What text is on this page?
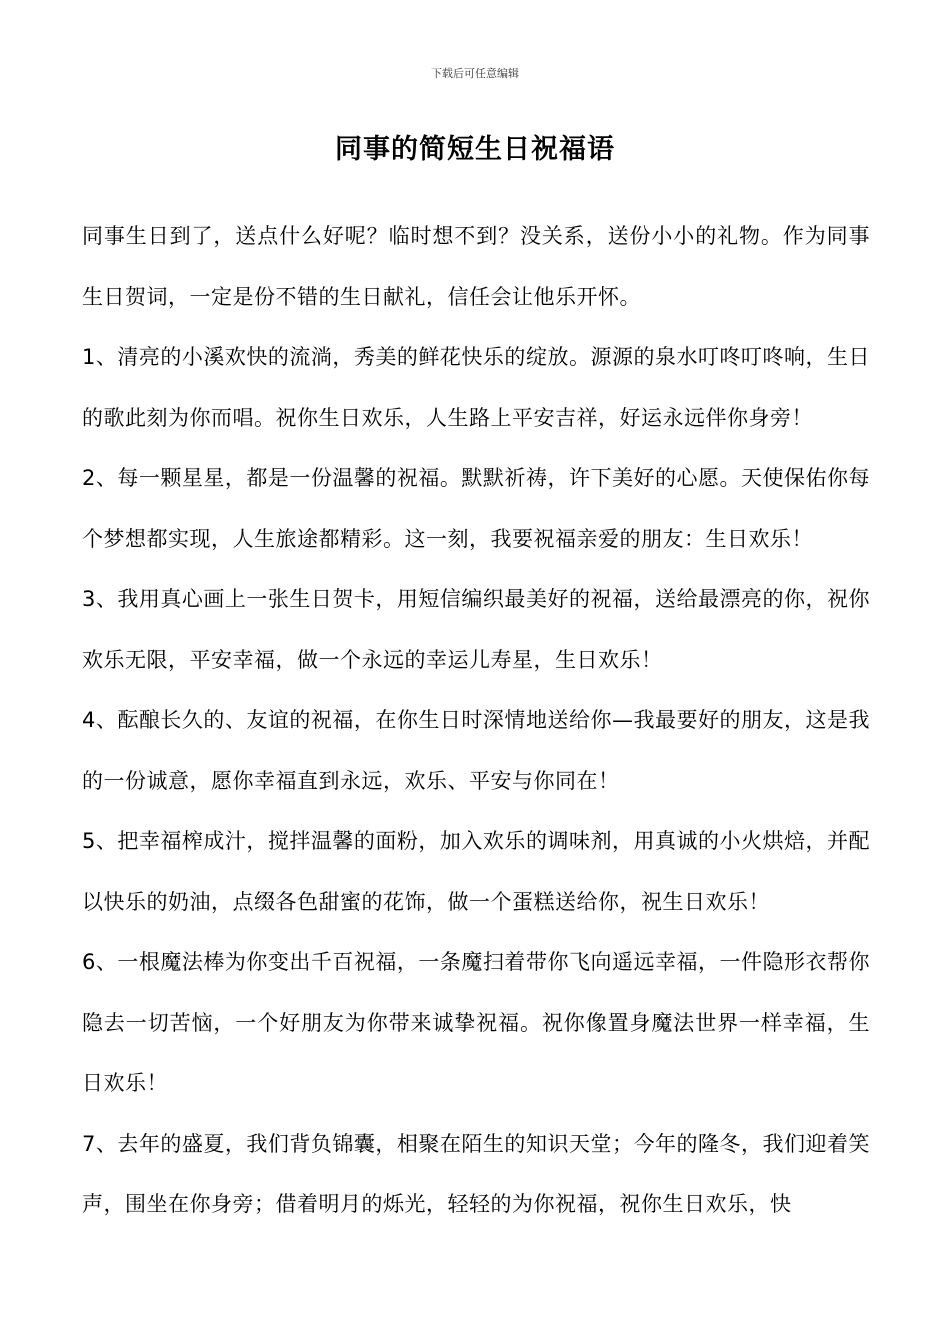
下载后可任意编辑
同事的简短生日祝福语

同事生日到了，送点什么好呢？临时想不到？没关系，送份小小的礼物。作为同事生日贺词，一定是份不错的生日献礼，信任会让他乐开怀。

1、清亮的小溪欢快的流淌，秀美的鲜花快乐的绽放。源源的泉水叮咚叮咚响，生日的歌此刻为你而唱。祝你生日欢乐，人生路上平安吉祥，好运永远伴你身旁！

2、每一颗星星，都是一份温馨的祝福。默默祈祷，许下美好的心愿。天使保佑你每个梦想都实现，人生旅途都精彩。这一刻，我要祝福亲爱的朋友：生日欢乐！

3、我用真心画上一张生日贺卡，用短信编织最美好的祝福，送给最漂亮的你，祝你欢乐无限，平安幸福，做一个永远的幸运儿寿星，生日欢乐！

4、酝酿长久的、友谊的祝福，在你生日时深情地送给你—我最要好的朋友，这是我的一份诚意，愿你幸福直到永远，欢乐、平安与你同在！

5、把幸福榨成汁，搅拌温馨的面粉，加入欢乐的调味剂，用真诚的小火烘焙，并配以快乐的奶油，点缀各色甜蜜的花饰，做一个蛋糕送给你，祝生日欢乐！

6、一根魔法棒为你变出千百祝福，一条魔扫着带你飞向遥远幸福，一件隐形衣帮你隐去一切苦恼，一个好朋友为你带来诚挚祝福。祝你像置身魔法世界一样幸福，生日欢乐！

7、去年的盛夏，我们背负锦囊，相聚在陌生的知识天堂；今年的隆冬，我们迎着笑声，围坐在你身旁；借着明月的烁光，轻轻的为你祝福，祝你生日欢乐，快
